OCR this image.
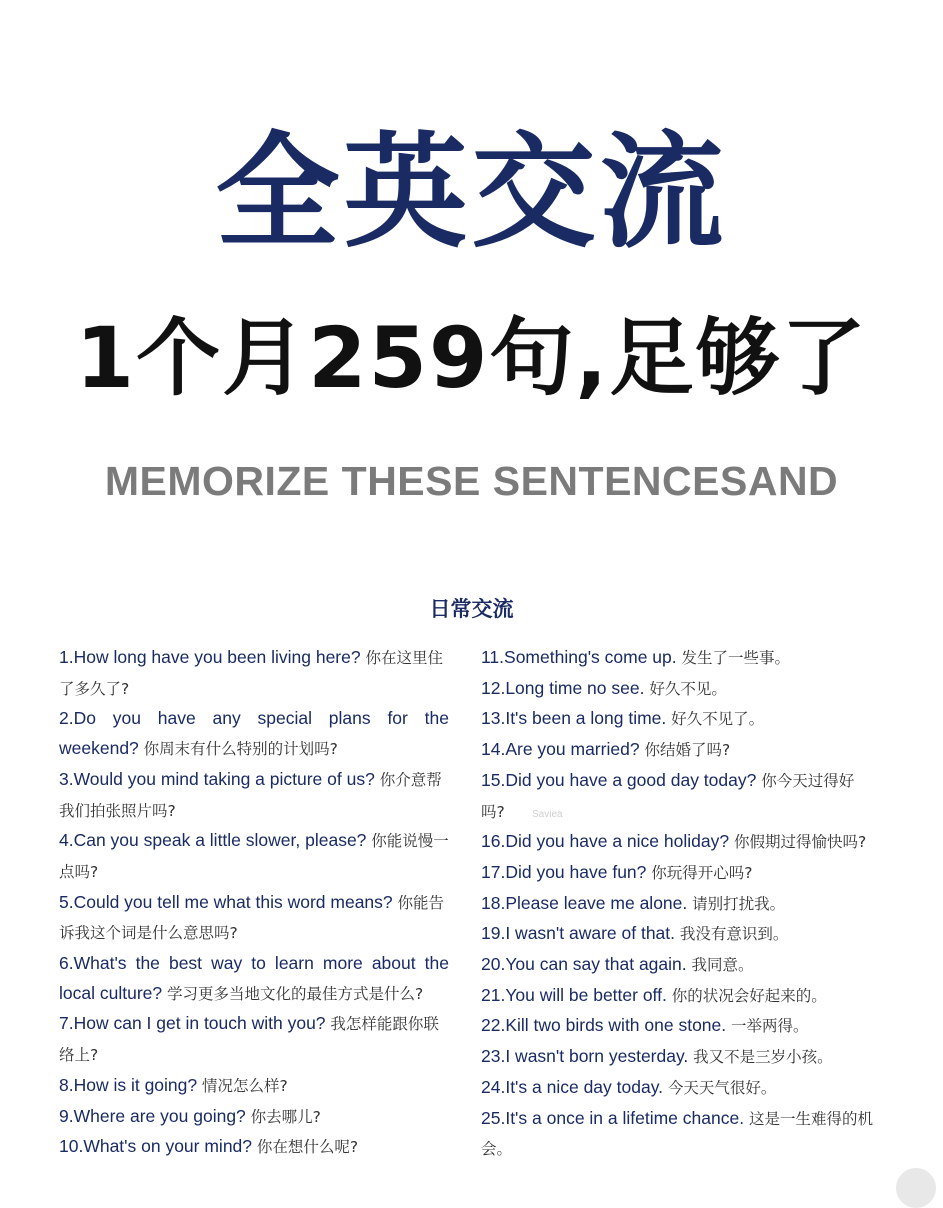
全英交流
1个月259句,足够了
MEMORIZE THESE SENTENCESAND
日常交流

1.How long have you been living here? 你在这里住了多久了?

2.Do you have any special plans for the weekend? 你周末有什么特别的计划吗?

3.Would you mind taking a picture of us? 你介意帮我们拍张照片吗?

4.Can you speak a little slower, please? 你能说慢一点吗?

5.Could you tell me what this word means? 你能告诉我这个词是什么意思吗?

6.What's the best way to learn more about the local culture? 学习更多当地文化的最佳方式是什么?

7.How can I get in touch with you? 我怎样能跟你联络上?

8.How is it going? 情况怎么样?

9.Where are you going? 你去哪儿?

10.What's on your mind? 你在想什么呢?

11.Something's come up. 发生了一些事。

12.Long time no see. 好久不见。

13.It's been a long time. 好久不见了。

14.Are you married? 你结婚了吗?

15.Did you have a good day today? 你今天过得好吗?

16.Did you have a nice holiday? 你假期过得愉快吗?

17.Did you have fun? 你玩得开心吗?

18.Please leave me alone. 请别打扰我。

19.I wasn't aware of that. 我没有意识到。

20.You can say that again. 我同意。

21.You will be better off. 你的状况会好起来的。

22.Kill two birds with one stone. 一举两得。

23.I wasn't born yesterday. 我又不是三岁小孩。

24.It's a nice day today. 今天天气很好。

25.It's a once in a lifetime chance. 这是一生难得的机会。

Saviea
